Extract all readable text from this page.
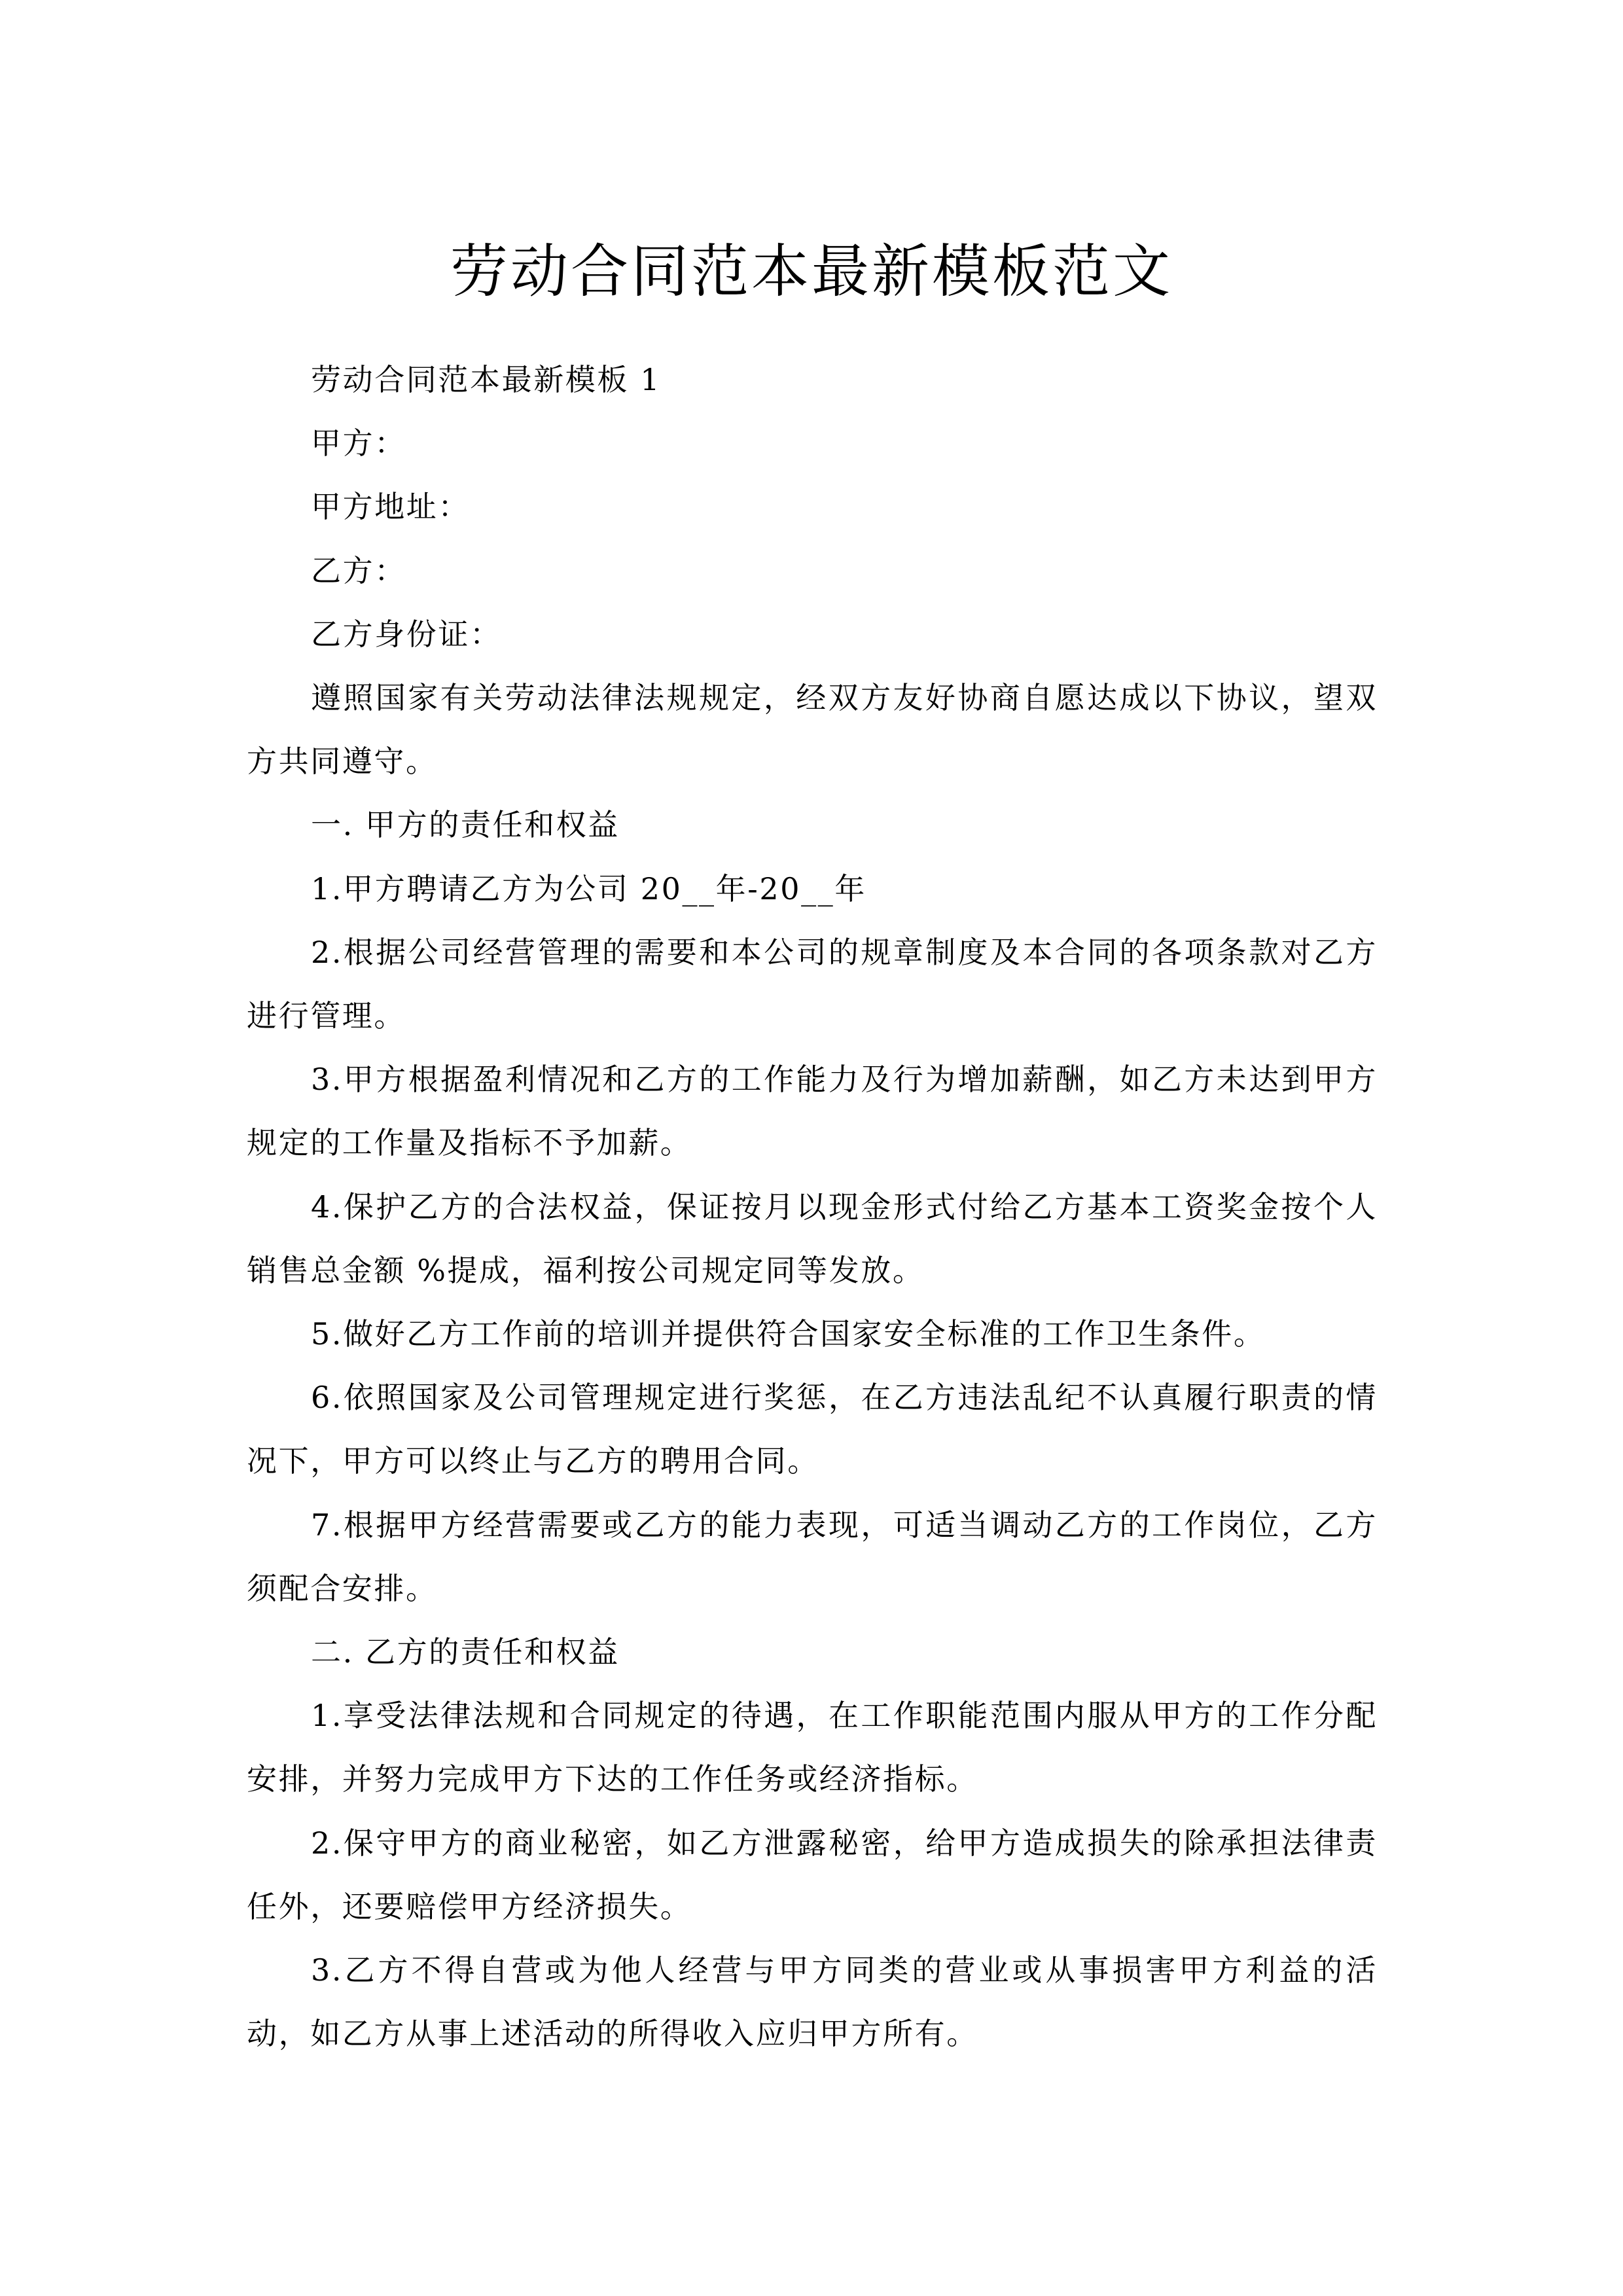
劳动合同范本最新模板范文

劳动合同范本最新模板 1

甲方：

甲方地址：

乙方：

乙方身份证：

遵照国家有关劳动法律法规规定，经双方友好协商自愿达成以下协议，望双方共同遵守。

一. 甲方的责任和权益

1.甲方聘请乙方为公司 20__年-20__年

2.根据公司经营管理的需要和本公司的规章制度及本合同的各项条款对乙方进行管理。

3.甲方根据盈利情况和乙方的工作能力及行为增加薪酬，如乙方未达到甲方规定的工作量及指标不予加薪。

4.保护乙方的合法权益，保证按月以现金形式付给乙方基本工资奖金按个人销售总金额 %提成，福利按公司规定同等发放。

5.做好乙方工作前的培训并提供符合国家安全标准的工作卫生条件。

6.依照国家及公司管理规定进行奖惩，在乙方违法乱纪不认真履行职责的情况下，甲方可以终止与乙方的聘用合同。

7.根据甲方经营需要或乙方的能力表现，可适当调动乙方的工作岗位，乙方须配合安排。

二. 乙方的责任和权益

1.享受法律法规和合同规定的待遇，在工作职能范围内服从甲方的工作分配安排，并努力完成甲方下达的工作任务或经济指标。

2.保守甲方的商业秘密，如乙方泄露秘密，给甲方造成损失的除承担法律责任外，还要赔偿甲方经济损失。

3.乙方不得自营或为他人经营与甲方同类的营业或从事损害甲方利益的活动，如乙方从事上述活动的所得收入应归甲方所有。
